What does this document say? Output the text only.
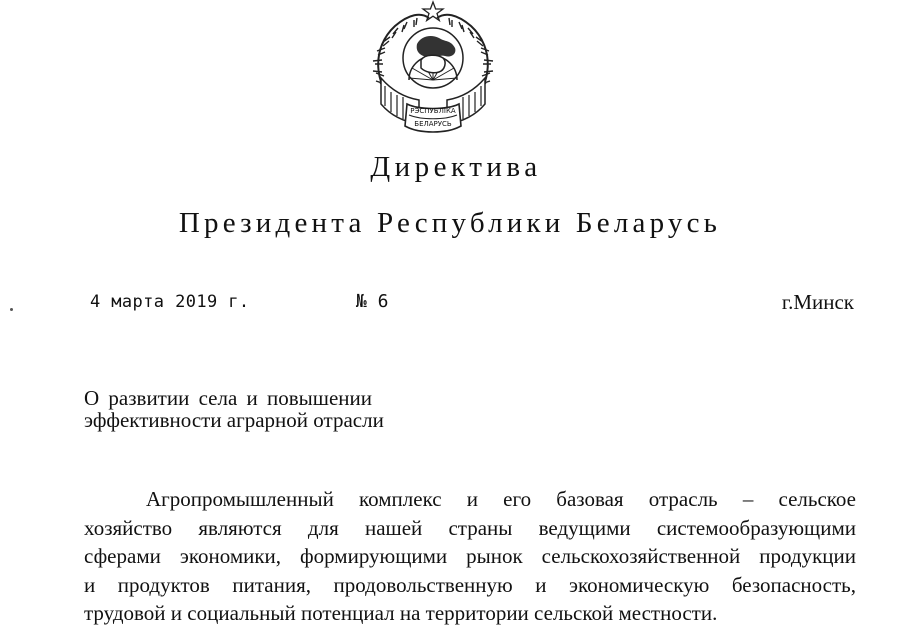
РЭСПУБЛІКА
БЕЛАРУСЬ
Директива
Президента Республики Беларусь
4 марта 2019 г.	№ 6	г.Минск
О развитии села и повышении
эффективности аграрной отрасли
Агропромышленный комплекс и его базовая отрасль – сельское
хозяйство являются для нашей страны ведущими системообразующими
сферами экономики, формирующими рынок сельскохозяйственной продукции
и продуктов питания, продовольственную и экономическую безопасность,
трудовой и социальный потенциал на территории сельской местности.
